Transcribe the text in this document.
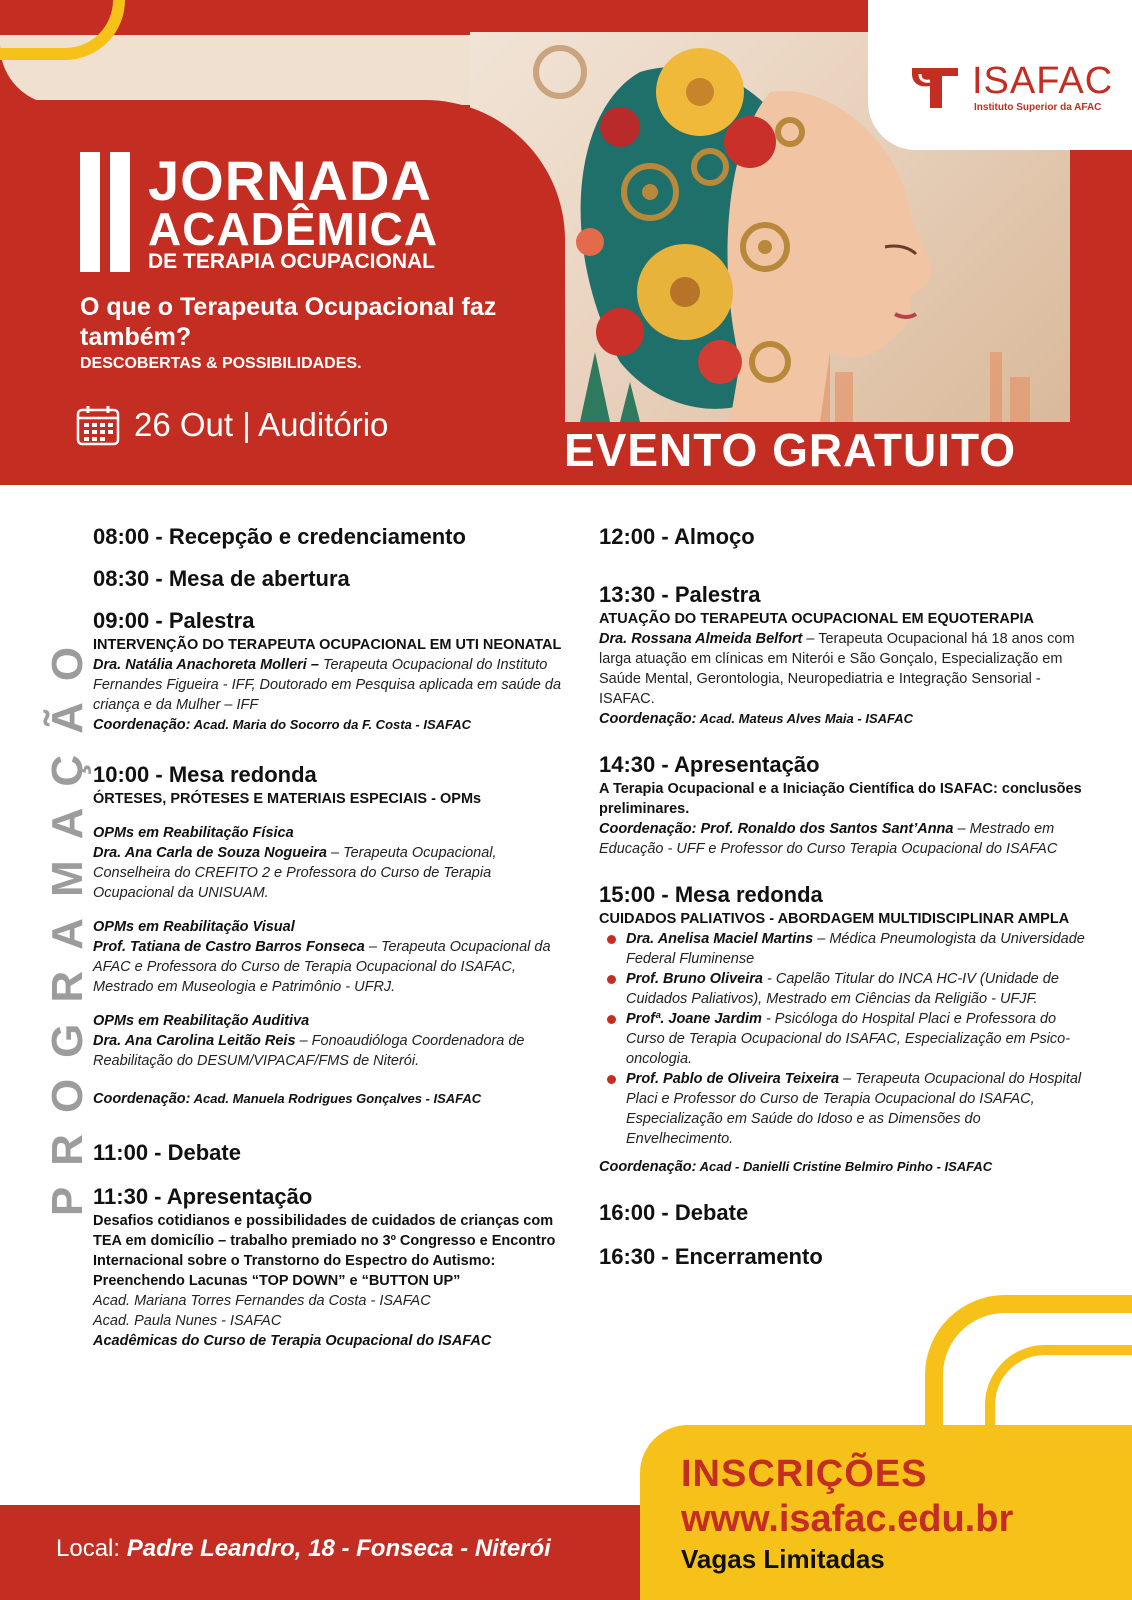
JORNADA
ACADÊMICA
DE TERAPIA OCUPACIONAL
O que o Terapeuta Ocupacional faz também?
DESCOBERTAS & POSSIBILIDADES.
26 Out | Auditório	EVENTO GRATUITO
ISAFAC
Instituto Superior da AFAC
PROGRAMAÇÃO
08:00 - Recepção e credenciamento
08:30 - Mesa de abertura
09:00 - Palestra
INTERVENÇÃO DO TERAPEUTA OCUPACIONAL EM UTI NEONATAL
Dra. Natália Anachoreta Molleri – Terapeuta Ocupacional do Instituto Fernandes Figueira - IFF, Doutorado em Pesquisa aplicada em saúde da criança e da Mulher – IFF
Coordenação: Acad. Maria do Socorro da F. Costa - ISAFAC
10:00 - Mesa redonda
ÓRTESES, PRÓTESES E MATERIAIS ESPECIAIS - OPMs
OPMs em Reabilitação Física
Dra. Ana Carla de Souza Nogueira – Terapeuta Ocupacional, Conselheira do CREFITO 2 e Professora do Curso de Terapia Ocupacional da UNISUAM.
OPMs em Reabilitação Visual
Prof. Tatiana de Castro Barros Fonseca – Terapeuta Ocupacional da AFAC e Professora do Curso de Terapia Ocupacional do ISAFAC, Mestrado em Museologia e Patrimônio - UFRJ.
OPMs em Reabilitação Auditiva
Dra. Ana Carolina Leitão Reis – Fonoaudióloga Coordenadora de Reabilitação do DESUM/VIPACAF/FMS de Niterói.
Coordenação: Acad. Manuela Rodrigues Gonçalves - ISAFAC
11:00 - Debate
11:30 - Apresentação
Desafios cotidianos e possibilidades de cuidados de crianças com TEA em domicílio – trabalho premiado no 3º Congresso e Encontro Internacional sobre o Transtorno do Espectro do Autismo: Preenchendo Lacunas “TOP DOWN” e “BUTTON UP”
Acad. Mariana Torres Fernandes da Costa - ISAFAC
Acad. Paula Nunes - ISAFAC
Acadêmicas do Curso de Terapia Ocupacional do ISAFAC
12:00 - Almoço
13:30 - Palestra
ATUAÇÃO DO TERAPEUTA OCUPACIONAL EM EQUOTERAPIA
Dra. Rossana Almeida Belfort – Terapeuta Ocupacional há 18 anos com larga atuação em clínicas em Niterói e São Gonçalo, Especialização em Saúde Mental, Gerontologia, Neuropediatria e Integração Sensorial -ISAFAC.
Coordenação: Acad. Mateus Alves Maia - ISAFAC
14:30 - Apresentação
A Terapia Ocupacional e a Iniciação Científica do ISAFAC: conclusões preliminares.
Coordenação: Prof. Ronaldo dos Santos Sant’Anna – Mestrado em Educação - UFF e Professor do Curso Terapia Ocupacional do ISAFAC
15:00 - Mesa redonda
CUIDADOS PALIATIVOS - ABORDAGEM MULTIDISCIPLINAR AMPLA
Dra. Anelisa Maciel Martins – Médica Pneumologista da Universidade Federal Fluminense
Prof. Bruno Oliveira - Capelão Titular do INCA HC-IV (Unidade de Cuidados Paliativos), Mestrado em Ciências da Religião - UFJF.
Profª. Joane Jardim - Psicóloga do Hospital Placi e Professora do Curso de Terapia Ocupacional do ISAFAC, Especialização em Psico-oncologia.
Prof. Pablo de Oliveira Teixeira – Terapeuta Ocupacional do Hospital Placi e Professor do Curso de Terapia Ocupacional do ISAFAC, Especialização em Saúde do Idoso e as Dimensões do Envelhecimento.
Coordenação: Acad - Danielli Cristine Belmiro Pinho - ISAFAC
16:00 - Debate
16:30 - Encerramento
Local: Padre Leandro, 18 - Fonseca - Niterói
INSCRIÇÕES
www.isafac.edu.br
Vagas Limitadas
